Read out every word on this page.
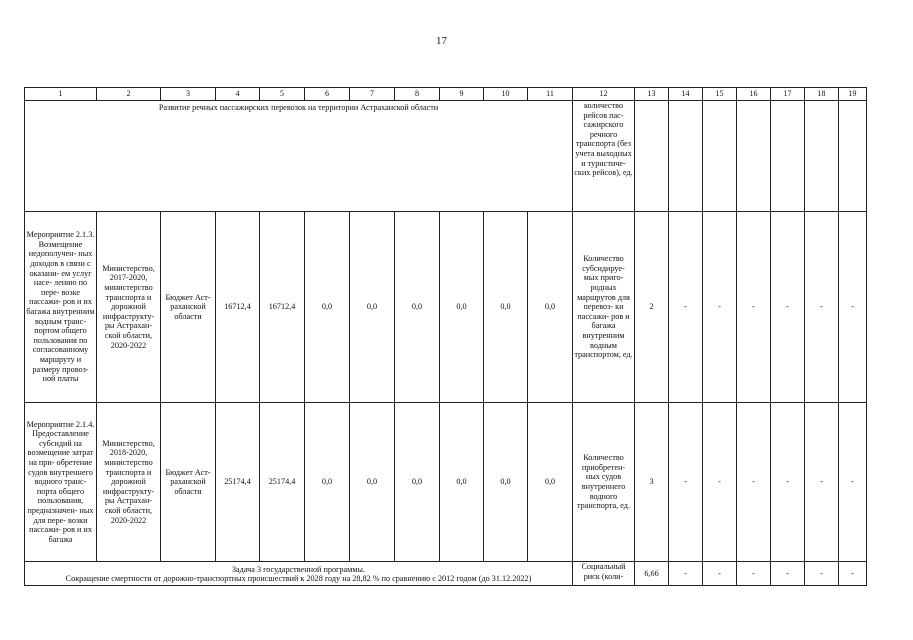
17
1	2	3	4	5	6	7	8	9	10	11	12	13	14	15	16	17	18	19
Развитие речных пассажирских перевозок на территории Астраханской области											количество рейсов пас- сажирского речного транспорта (без учета выходных и туристиче- ских рейсов), ед.							
Мероприятие 2.1.3. Возмещение недополучен- ных доходов в связи с оказани- ем услуг насе- лению по пере- возке пассажи- ров и их багажа внутренним водным транс- портом общего пользования по согласованному маршруту и размеру провоз- ной платы	Министерство, 2017-2020, министерство транспорта и дорожной инфраструкту- ры Астрахан- ской области, 2020-2022	Бюджет Аст- раханской области	16712,4	16712,4	0,0	0,0	0,0	0,0	0,0	0,0	Количество субсидируе- мых приго- родных маршрутов для перевоз- ки пассажи- ров и багажа внутренним водным транспортом, ед.	2	-	-	-	-	-	-
Мероприятие 2.1.4. Предоставление субсидий на возмещение затрат на при- обретение судов внутреннего водного транс- порта общего пользования, предназначен- ных для пере- возки пассажи- ров и их багажа	Министерство, 2018-2020, министерство транспорта и дорожной инфраструкту- ры Астрахан- ской области, 2020-2022	Бюджет Аст- раханской области	25174,4	25174,4	0,0	0,0	0,0	0,0	0,0	0,0	Количество приобретен- ных судов внутреннего водного транспорта, ед.	3	-	-	-	-	-	-

Задача 3 государственной программы.
Сокращение смертности от дорожно-транспортных происшествий к 2028 году на 28,82 % по сравнению с 2012 годом (до 31.12.2022)											Социальный риск (коли-	6,66	-	-	-	-	-	-
